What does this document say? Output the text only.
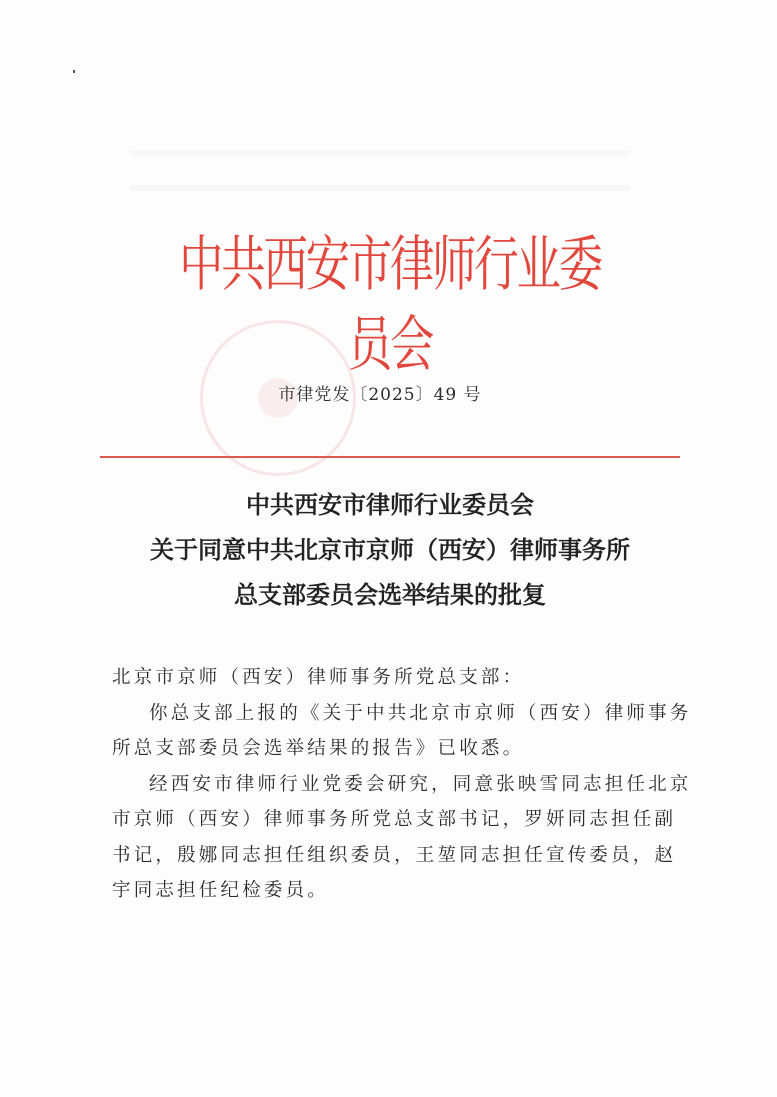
中共西安市律师行业委员会
市律党发〔2025〕49 号
中共西安市律师行业委员会
关于同意中共北京市京师（西安）律师事务所
总支部委员会选举结果的批复

北京市京师（西安）律师事务所党总支部：

你总支部上报的《关于中共北京市京师（西安）律师事务所总支部委员会选举结果的报告》已收悉。

经西安市律师行业党委会研究，同意张映雪同志担任北京市京师（西安）律师事务所党总支部书记，罗妍同志担任副书记，殷娜同志担任组织委员，王堃同志担任宣传委员，赵宇同志担任纪检委员。
